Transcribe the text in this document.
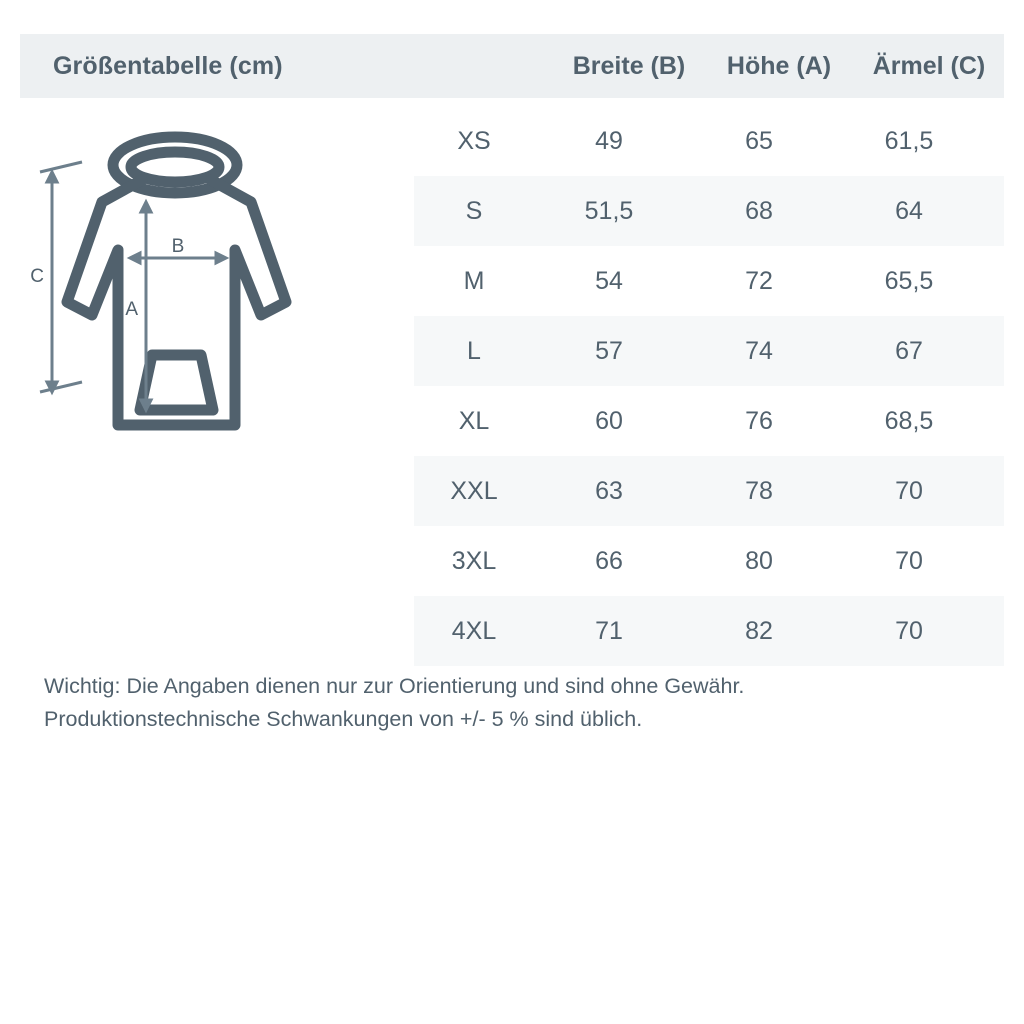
Größentabelle (cm)	Breite (B)	Höhe (A)	Ärmel (C)
XS	49	65	61,5
S	51,5	68	64
M	54	72	65,5
L	57	74	67
XL	60	76	68,5
XXL	63	78	70
3XL	66	80	70
4XL	71	82	70
Wichtig: Die Angaben dienen nur zur Orientierung und sind ohne Gewähr.
Produktionstechnische Schwankungen von +/- 5 % sind üblich.
B
A
C
